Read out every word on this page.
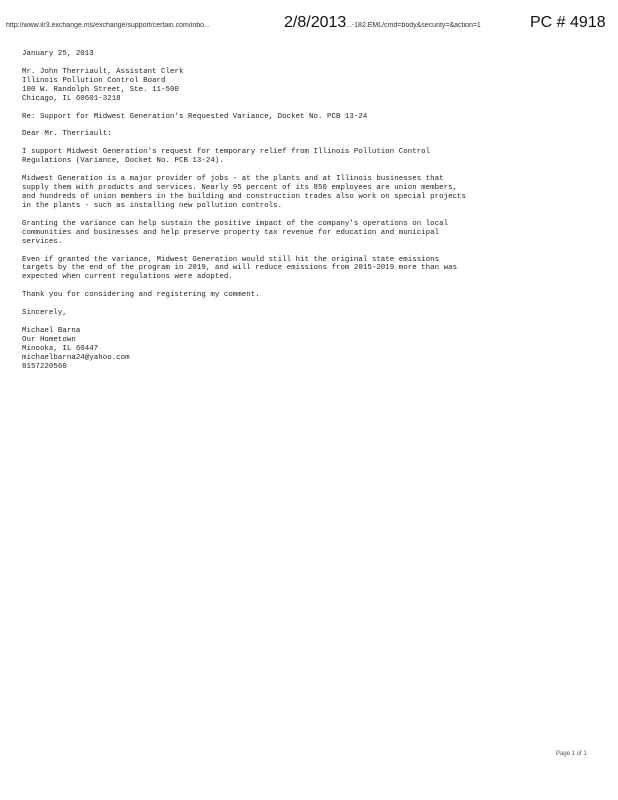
http://www.ilr3.exchange.ms/exchange/support/certain.com/inbo...	2/8/2013 ...-182.EML/cmd=body&security=&action=1	PC # 4918
January 25, 2013
Mr. John Therriault, Assistant Clerk
Illinois Pollution Control Board
100 W. Randolph Street, Ste. 11-500
Chicago, IL 60601-3218
Re: Support for Midwest Generation's Requested Variance, Docket No. PCB 13-24
Dear Mr. Therriault:
I support Midwest Generation's request for temporary relief from Illinois Pollution Control
Regulations (Variance, Docket No. PCB 13-24).
Midwest Generation is a major provider of jobs - at the plants and at Illinois businesses that
supply them with products and services. Nearly 95 percent of its 850 employees are union members,
and hundreds of union members in the building and construction trades also work on special projects
in the plants - such as installing new pollution controls.
Granting the variance can help sustain the positive impact of the company's operations on local
communities and businesses and help preserve property tax revenue for education and municipal
services.
Even if granted the variance, Midwest Generation would still hit the original state emissions
targets by the end of the program in 2019, and will reduce emissions from 2015-2019 more than was
expected when current regulations were adopted.
Thank you for considering and registering my comment.
Sincerely,
Michael Barna
Our Hometown
Minooka, IL 60447
michaelbarna24@yahoo.com
8157220560
Page 1 of 1
